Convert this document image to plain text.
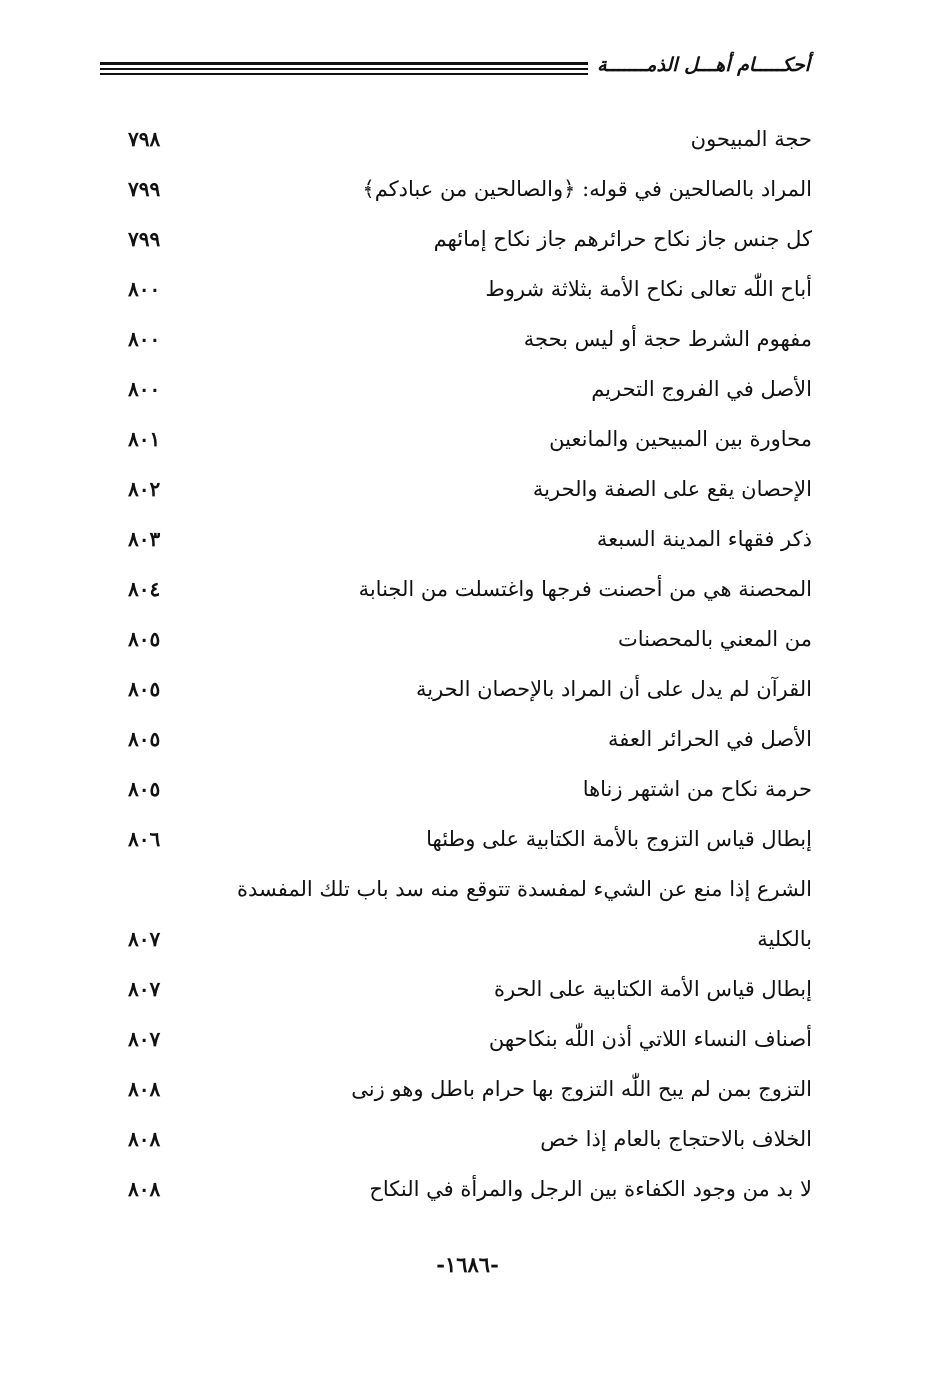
أحكـــــام أهـــل الذمـــــــة
حجة المبيحون
٧٩٨
المراد بالصالحين في قوله: ﴿والصالحين من عبادكم﴾
٧٩٩
كل جنس جاز نكاح حرائرهم جاز نكاح إمائهم
٧٩٩
أباح اللّٰه تعالى نكاح الأمة بثلاثة شروط
٨٠٠
مفهوم الشرط حجة أو ليس بحجة
٨٠٠
الأصل في الفروج التحريم
٨٠٠
محاورة بين المبيحين والمانعين
٨٠١
الإحصان يقع على الصفة والحرية
٨٠٢
ذكر فقهاء المدينة السبعة
٨٠٣
المحصنة هي من أحصنت فرجها واغتسلت من الجنابة
٨٠٤
من المعني بالمحصنات
٨٠٥
القرآن لم يدل على أن المراد بالإحصان الحرية
٨٠٥
الأصل في الحرائر العفة
٨٠٥
حرمة نكاح من اشتهر زناها
٨٠٥
إبطال قياس التزوج بالأمة الكتابية على وطئها
٨٠٦
الشرع إذا منع عن الشيء لمفسدة تتوقع منه سد باب تلك المفسدة بالكلية
٨٠٧
إبطال قياس الأمة الكتابية على الحرة
٨٠٧
أصناف النساء اللاتي أذن اللّٰه بنكاحهن
٨٠٧
التزوج بمن لم يبح اللّٰه التزوج بها حرام باطل وهو زنى
٨٠٨
الخلاف بالاحتجاج بالعام إذا خص
٨٠٨
لا بد من وجود الكفاءة بين الرجل والمرأة في النكاح
٨٠٨
-١٦٨٦-
